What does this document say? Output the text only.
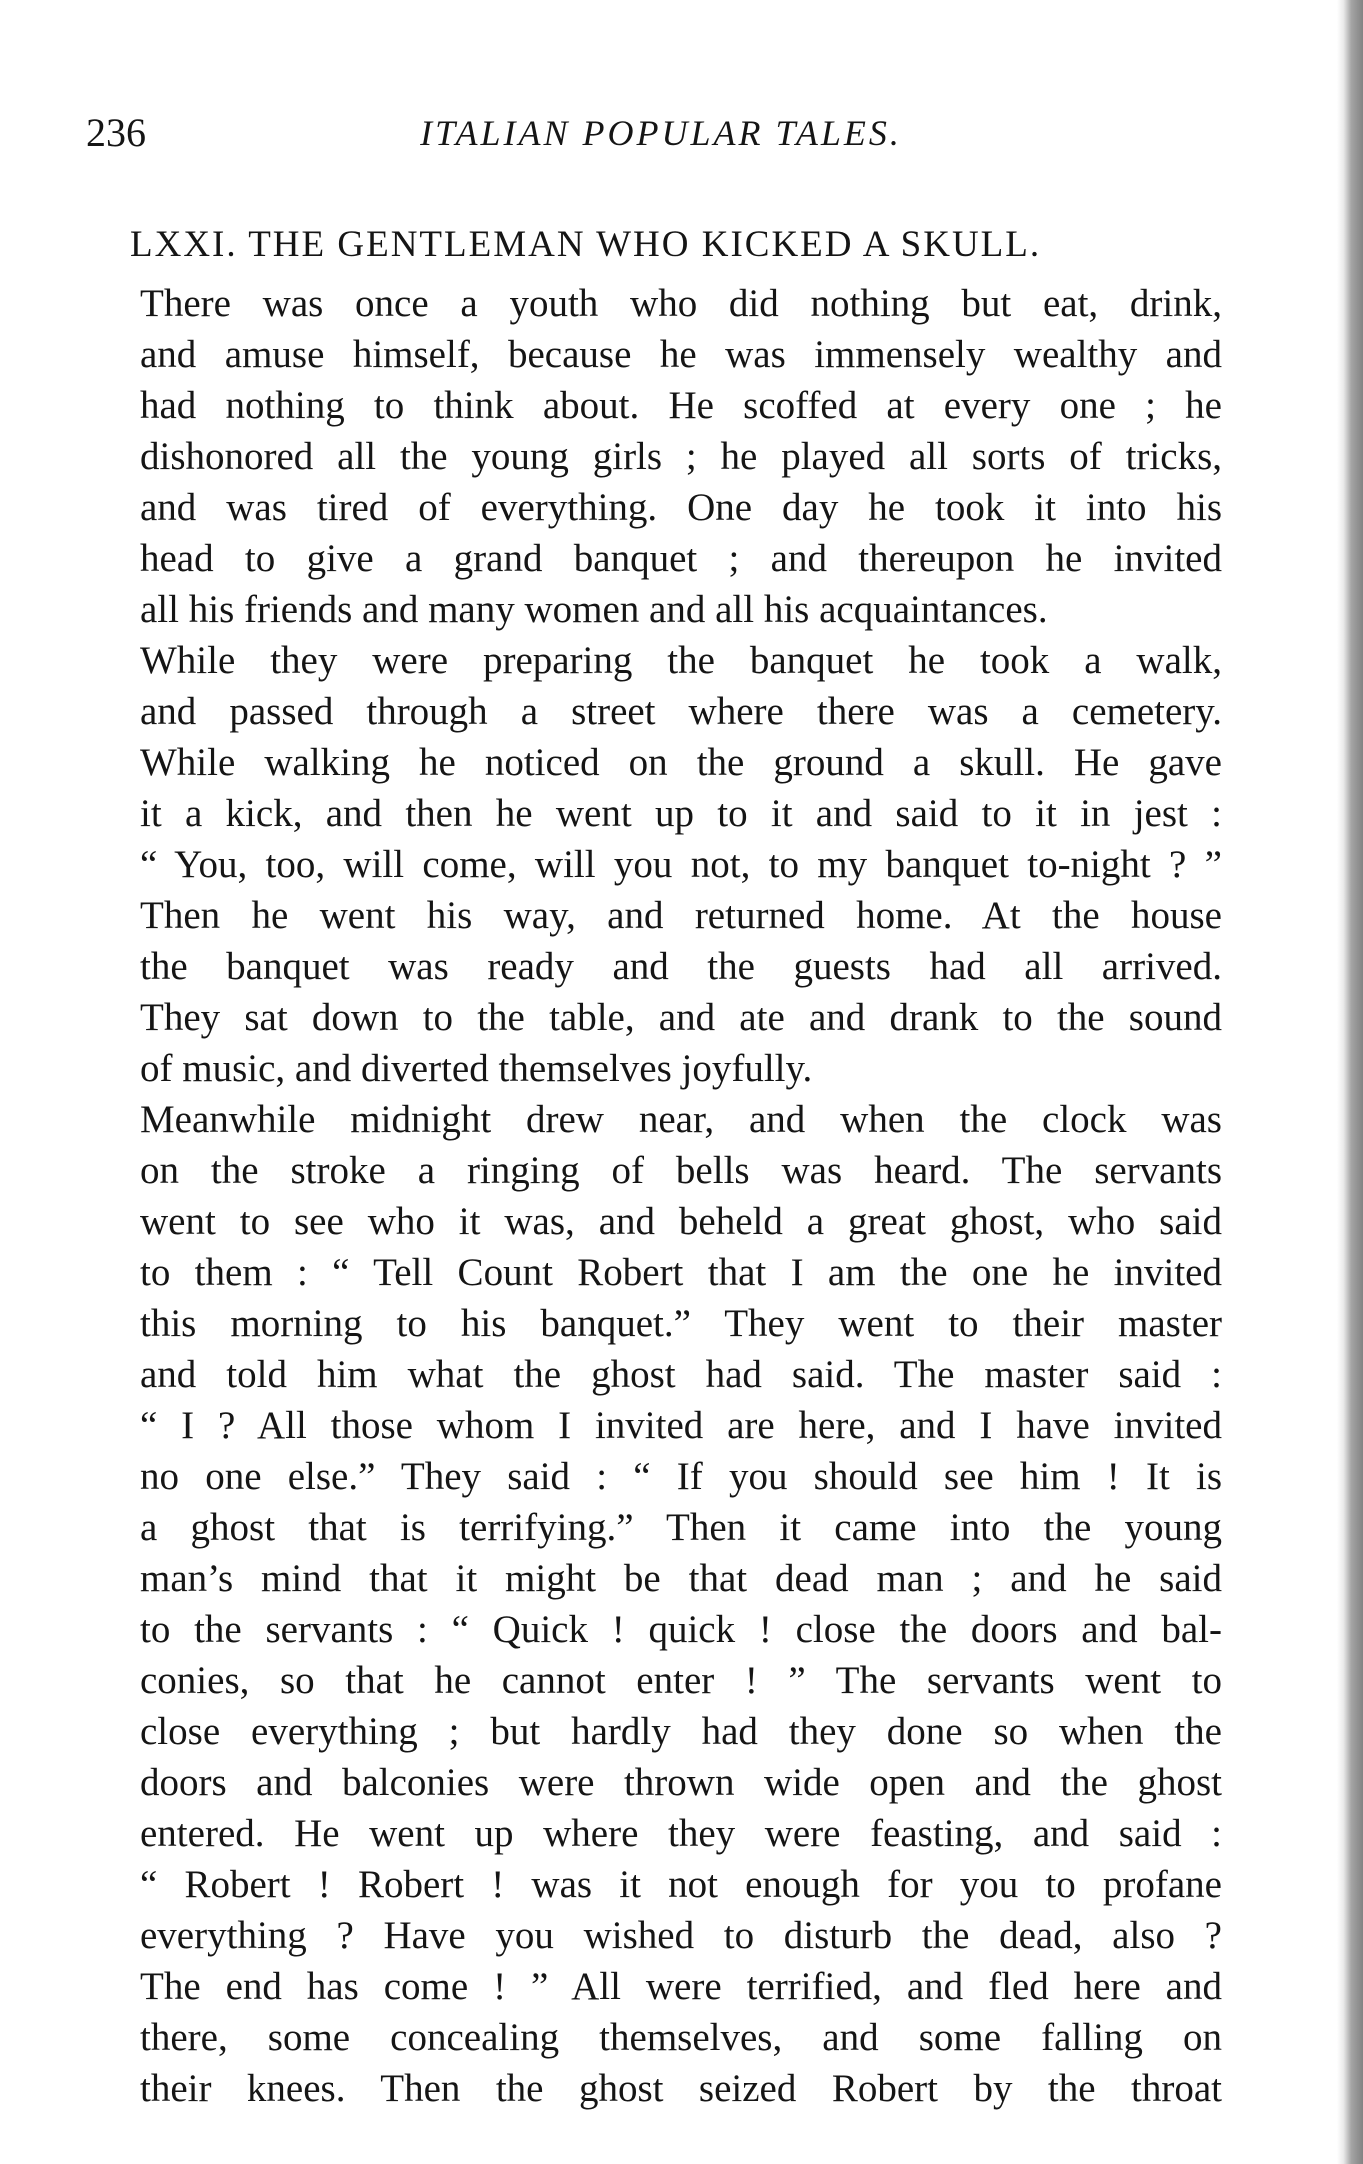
236	ITALIAN POPULAR TALES.
LXXI. THE GENTLEMAN WHO KICKED A SKULL.

There was once a youth who did nothing but eat, drink,
and amuse himself, because he was immensely wealthy and
had nothing to think about. He scoffed at every one ; he
dishonored all the young girls ; he played all sorts of tricks,
and was tired of everything. One day he took it into his
head to give a grand banquet ; and thereupon he invited
all his friends and many women and all his acquaintances.

While they were preparing the banquet he took a walk,
and passed through a street where there was a cemetery.
While walking he noticed on the ground a skull. He gave
it a kick, and then he went up to it and said to it in jest :
“ You, too, will come, will you not, to my banquet to-night ? ”
Then he went his way, and returned home. At the house
the banquet was ready and the guests had all arrived.
They sat down to the table, and ate and drank to the sound
of music, and diverted themselves joyfully.

Meanwhile midnight drew near, and when the clock was
on the stroke a ringing of bells was heard. The servants
went to see who it was, and beheld a great ghost, who said
to them : “ Tell Count Robert that I am the one he invited
this morning to his banquet.” They went to their master
and told him what the ghost had said. The master said :
“ I ? All those whom I invited are here, and I have invited
no one else.” They said : “ If you should see him ! It is
a ghost that is terrifying.” Then it came into the young
man’s mind that it might be that dead man ; and he said
to the servants : “ Quick ! quick ! close the doors and bal-
conies, so that he cannot enter ! ” The servants went to
close everything ; but hardly had they done so when the
doors and balconies were thrown wide open and the ghost
entered. He went up where they were feasting, and said :
“ Robert ! Robert ! was it not enough for you to profane
everything ? Have you wished to disturb the dead, also ?
The end has come ! ” All were terrified, and fled here and
there, some concealing themselves, and some falling on
their knees. Then the ghost seized Robert by the throat
